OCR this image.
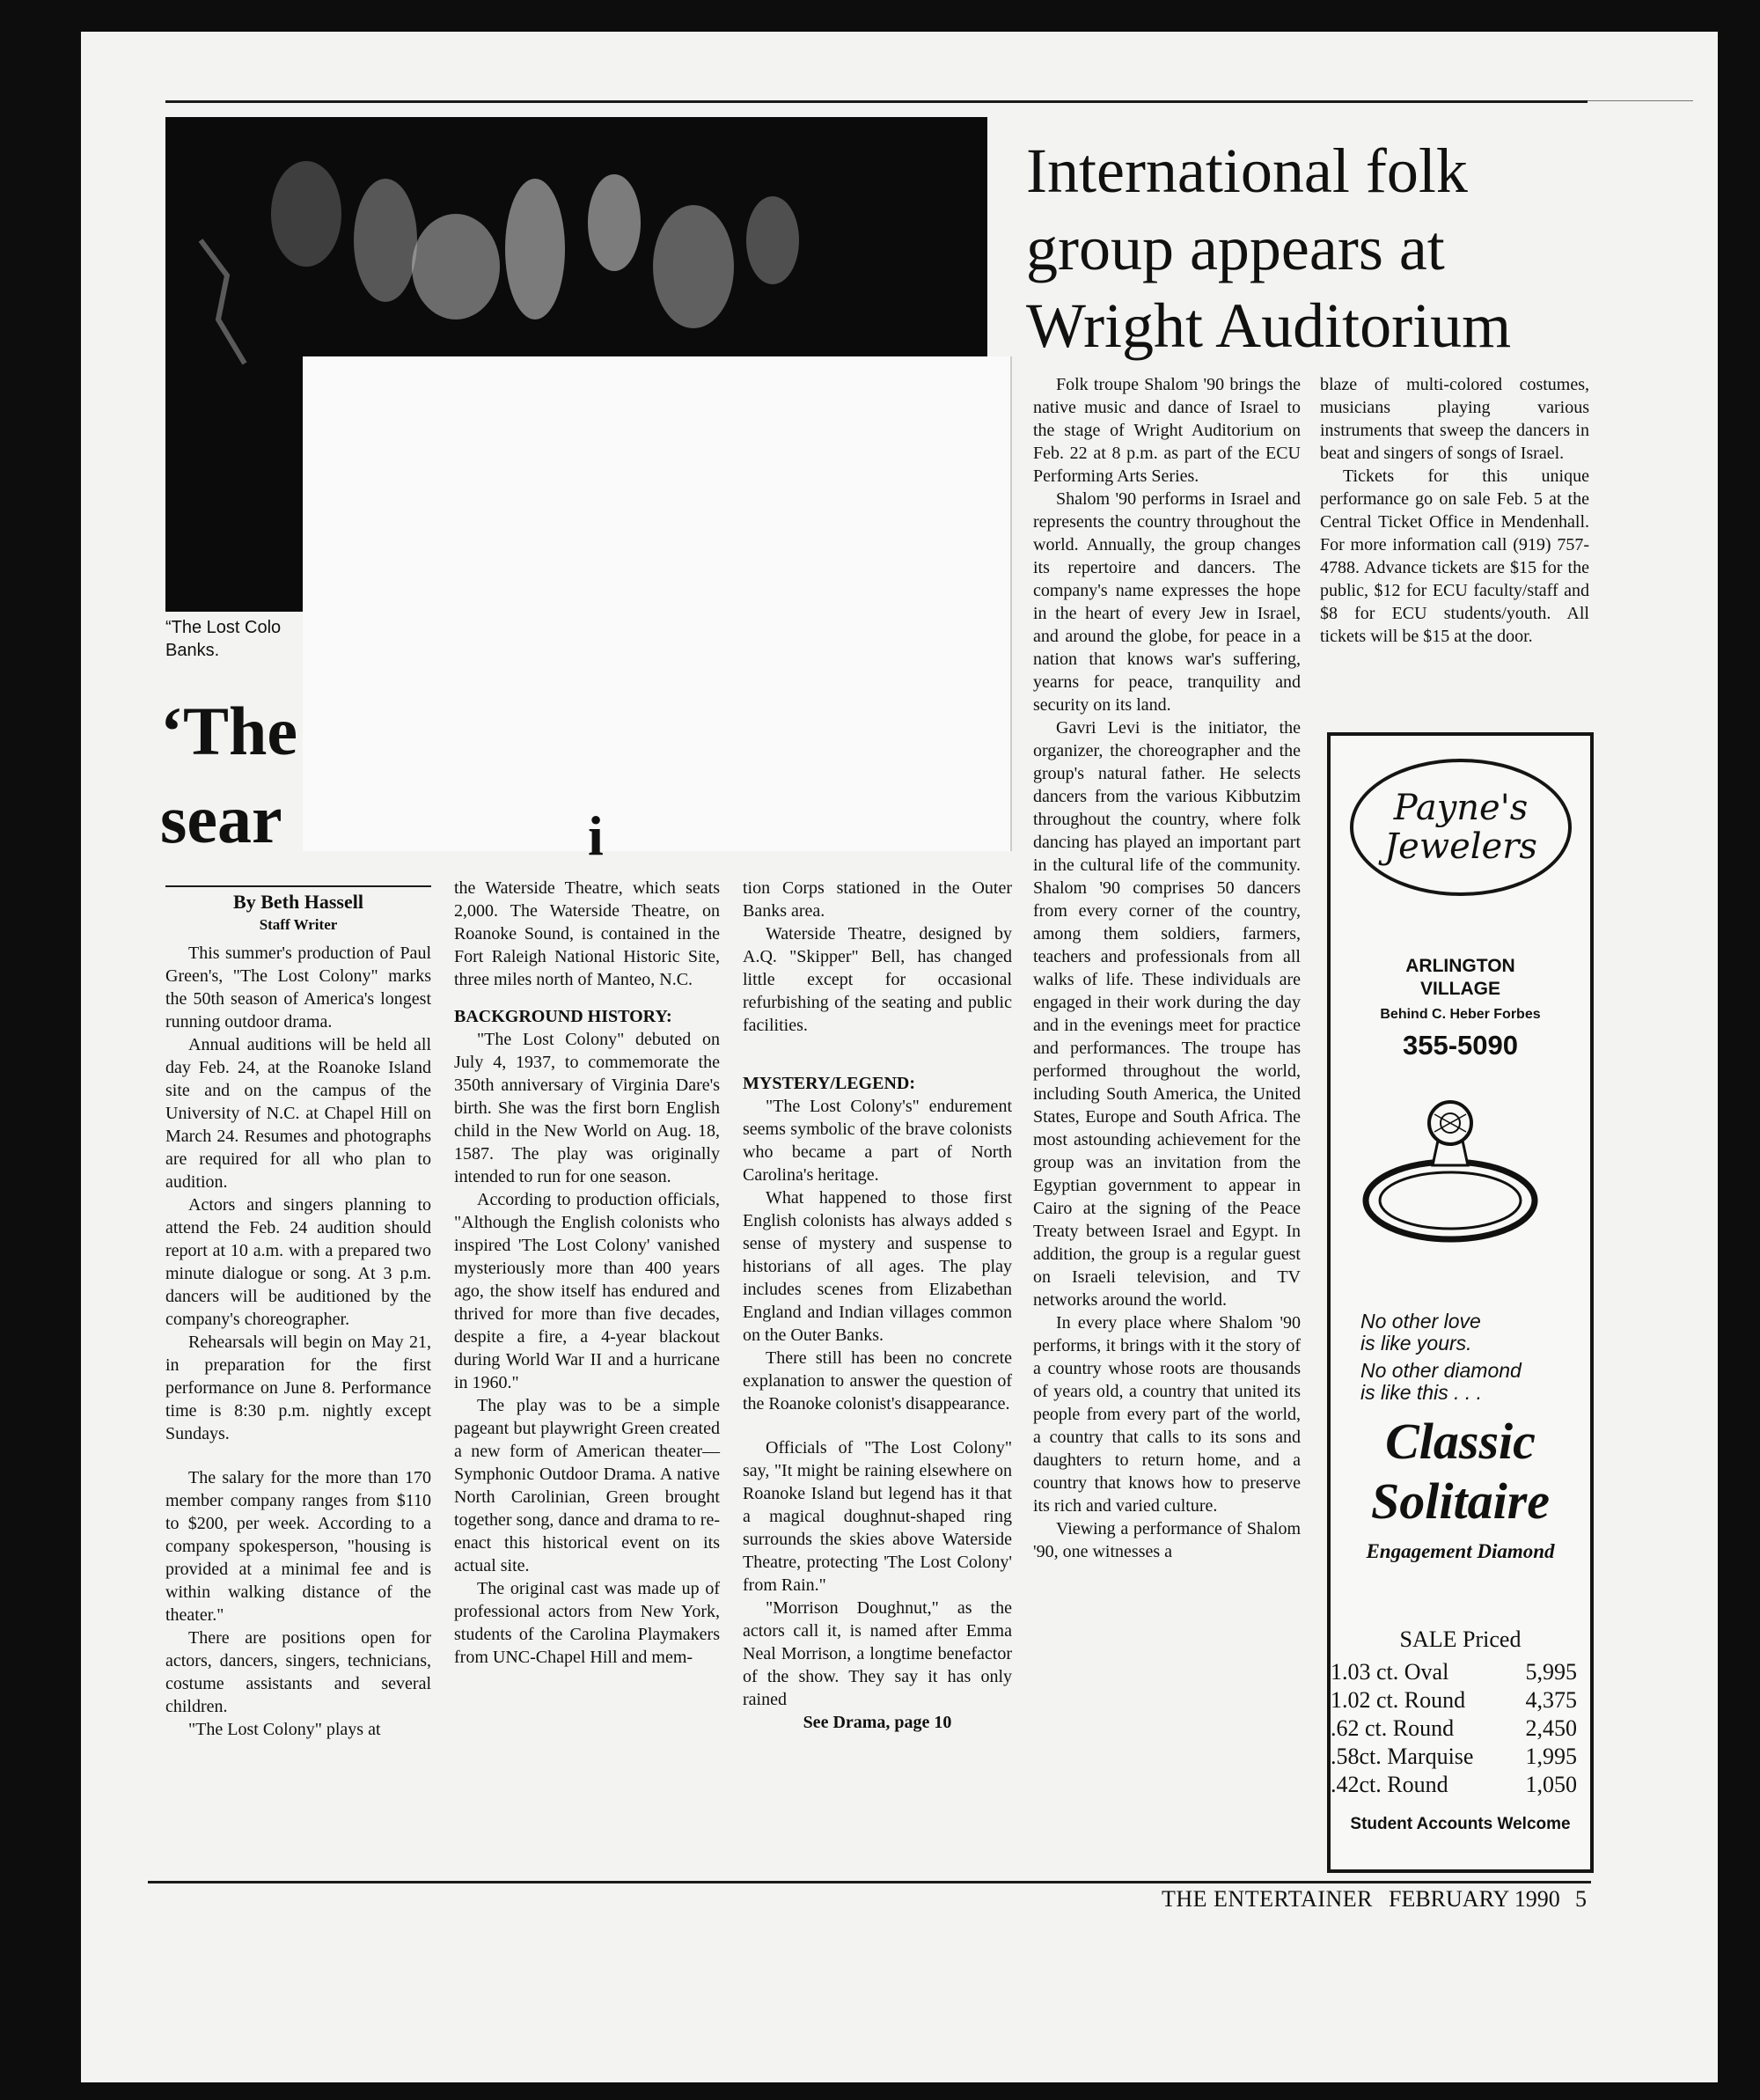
“The Lost Colo
Banks.
‘The
sear	i
By Beth Hassell
Staff Writer

This summer's production of Paul Green's, "The Lost Colony" marks the 50th season of America's longest running outdoor drama.

Annual auditions will be held all day Feb. 24, at the Roanoke Island site and on the campus of the University of N.C. at Chapel Hill on March 24. Resumes and photographs are required for all who plan to audition.

Actors and singers planning to attend the Feb. 24 audition should report at 10 a.m. with a prepared two minute dialogue or song. At 3 p.m. dancers will be auditioned by the company's choreographer.

Rehearsals will begin on May 21, in preparation for the first performance on June 8. Performance time is 8:30 p.m. nightly except Sundays.

The salary for the more than 170 member company ranges from $110 to $200, per week. According to a company spokesperson, "housing is provided at a minimal fee and is within walking distance of the theater."

There are positions open for actors, dancers, singers, technicians, costume assistants and several children.

"The Lost Colony" plays at

the Waterside Theatre, which seats 2,000. The Waterside Theatre, on Roanoke Sound, is contained in the Fort Raleigh National Historic Site, three miles north of Manteo, N.C.

BACKGROUND HISTORY:

"The Lost Colony" debuted on July 4, 1937, to commemorate the 350th anniversary of Virginia Dare's birth. She was the first born English child in the New World on Aug. 18, 1587. The play was originally intended to run for one season.

According to production officials, "Although the English colonists who inspired 'The Lost Colony' vanished mysteriously more than 400 years ago, the show itself has endured and thrived for more than five decades, despite a fire, a 4-year blackout during World War II and a hurricane in 1960."

The play was to be a simple pageant but playwright Green created a new form of American theater—Symphonic Outdoor Drama. A native North Carolinian, Green brought together song, dance and drama to re-enact this historical event on its actual site.

The original cast was made up of professional actors from New York, students of the Carolina Playmakers from UNC-Chapel Hill and mem-

tion Corps stationed in the Outer Banks area.

Waterside Theatre, designed by A.Q. "Skipper" Bell, has changed little except for occasional refurbishing of the seating and public facilities.

MYSTERY/LEGEND:

"The Lost Colony's" endurement seems symbolic of the brave colonists who became a part of North Carolina's heritage.

What happened to those first English colonists has always added s sense of mystery and suspense to historians of all ages. The play includes scenes from Elizabethan England and Indian villages common on the Outer Banks.

There still has been no concrete explanation to answer the question of the Roanoke colonist's disappearance.

Officials of "The Lost Colony" say, "It might be raining elsewhere on Roanoke Island but legend has it that a magical doughnut-shaped ring surrounds the skies above Waterside Theatre, protecting 'The Lost Colony' from Rain."

"Morrison Doughnut," as the actors call it, is named after Emma Neal Morrison, a longtime benefactor of the show. They say it has only rained

See Drama, page 10

International folk group appears at Wright Auditorium

Folk troupe Shalom '90 brings the native music and dance of Israel to the stage of Wright Auditorium on Feb. 22 at 8 p.m. as part of the ECU Performing Arts Series.

Shalom '90 performs in Israel and represents the country throughout the world. Annually, the group changes its repertoire and dancers. The company's name expresses the hope in the heart of every Jew in Israel, and around the globe, for peace in a nation that knows war's suffering, yearns for peace, tranquility and security on its land.

Gavri Levi is the initiator, the organizer, the choreographer and the group's natural father. He selects dancers from the various Kibbutzim throughout the country, where folk dancing has played an important part in the cultural life of the community. Shalom '90 comprises 50 dancers from every corner of the country, among them soldiers, farmers, teachers and professionals from all walks of life. These individuals are engaged in their work during the day and in the evenings meet for practice and performances. The troupe has performed throughout the world, including South America, the United States, Europe and South Africa. The most astounding achievement for the group was an invitation from the Egyptian government to appear in Cairo at the signing of the Peace Treaty between Israel and Egypt. In addition, the group is a regular guest on Israeli television, and TV networks around the world.

In every place where Shalom '90 performs, it brings with it the story of a country whose roots are thousands of years old, a country that united its people from every part of the world, a country that calls to its sons and daughters to return home, and a country that knows how to preserve its rich and varied culture.

Viewing a performance of Shalom '90, one witnesses a

blaze of multi-colored costumes, musicians playing various instruments that sweep the dancers in beat and singers of songs of Israel.

Tickets for this unique performance go on sale Feb. 5 at the Central Ticket Office in Mendenhall. For more information call (919) 757-4788. Advance tickets are $15 for the public, $12 for ECU faculty/staff and $8 for ECU students/youth. All tickets will be $15 at the door.

Payne's
Jewelers
ARLINGTON
VILLAGE
Behind C. Heber Forbes
355-5090
No other love
is like yours.
No other diamond
is like this . . .
Classic
Solitaire
Engagement Diamond
SALE Priced
1.03 ct. Oval	5,995
1.02 ct. Round	4,375
.62 ct. Round	2,450
.58ct. Marquise	1,995
.42ct. Round	1,050
Student Accounts Welcome
THE ENTERTAINER FEBRUARY 1990 5
